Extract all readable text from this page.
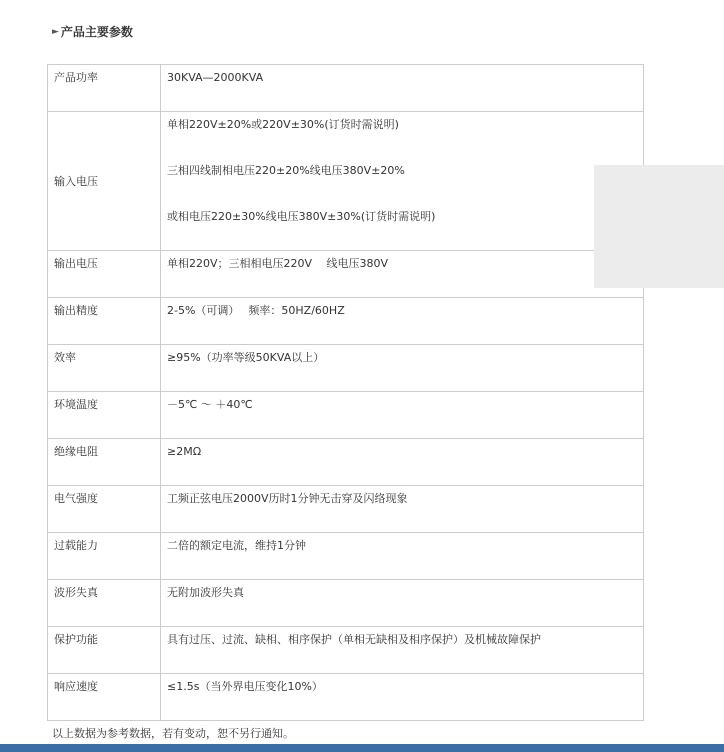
► 产品主要参数
产品功率	30KVA—2000KVA

输入电压	单相220V±20%或220V±30%(订货时需说明)
三相四线制相电压220±20%线电压380V±20%
或相电压220±30%线电压380V±30%(订货时需说明)

输出电压	单相220V；三相相电压220V　 线电压380V

输出精度	2-5%（可调）　 频率：50HZ/60HZ

效率	≥95%（功率等级50KVA以上）

环境温度	－5℃ ～ ＋40℃

绝缘电阻	≥2MΩ

电气强度	工频正弦电压2000V历时1分钟无击穿及闪络现象

过载能力	二倍的额定电流，维持1分钟

波形失真	无附加波形失真

保护功能	具有过压、过流、缺相、相序保护（单相无缺相及相序保护）及机械故障保护

响应速度	≤1.5s（当外界电压变化10%）
以上数据为参考数据，若有变动，恕不另行通知。
